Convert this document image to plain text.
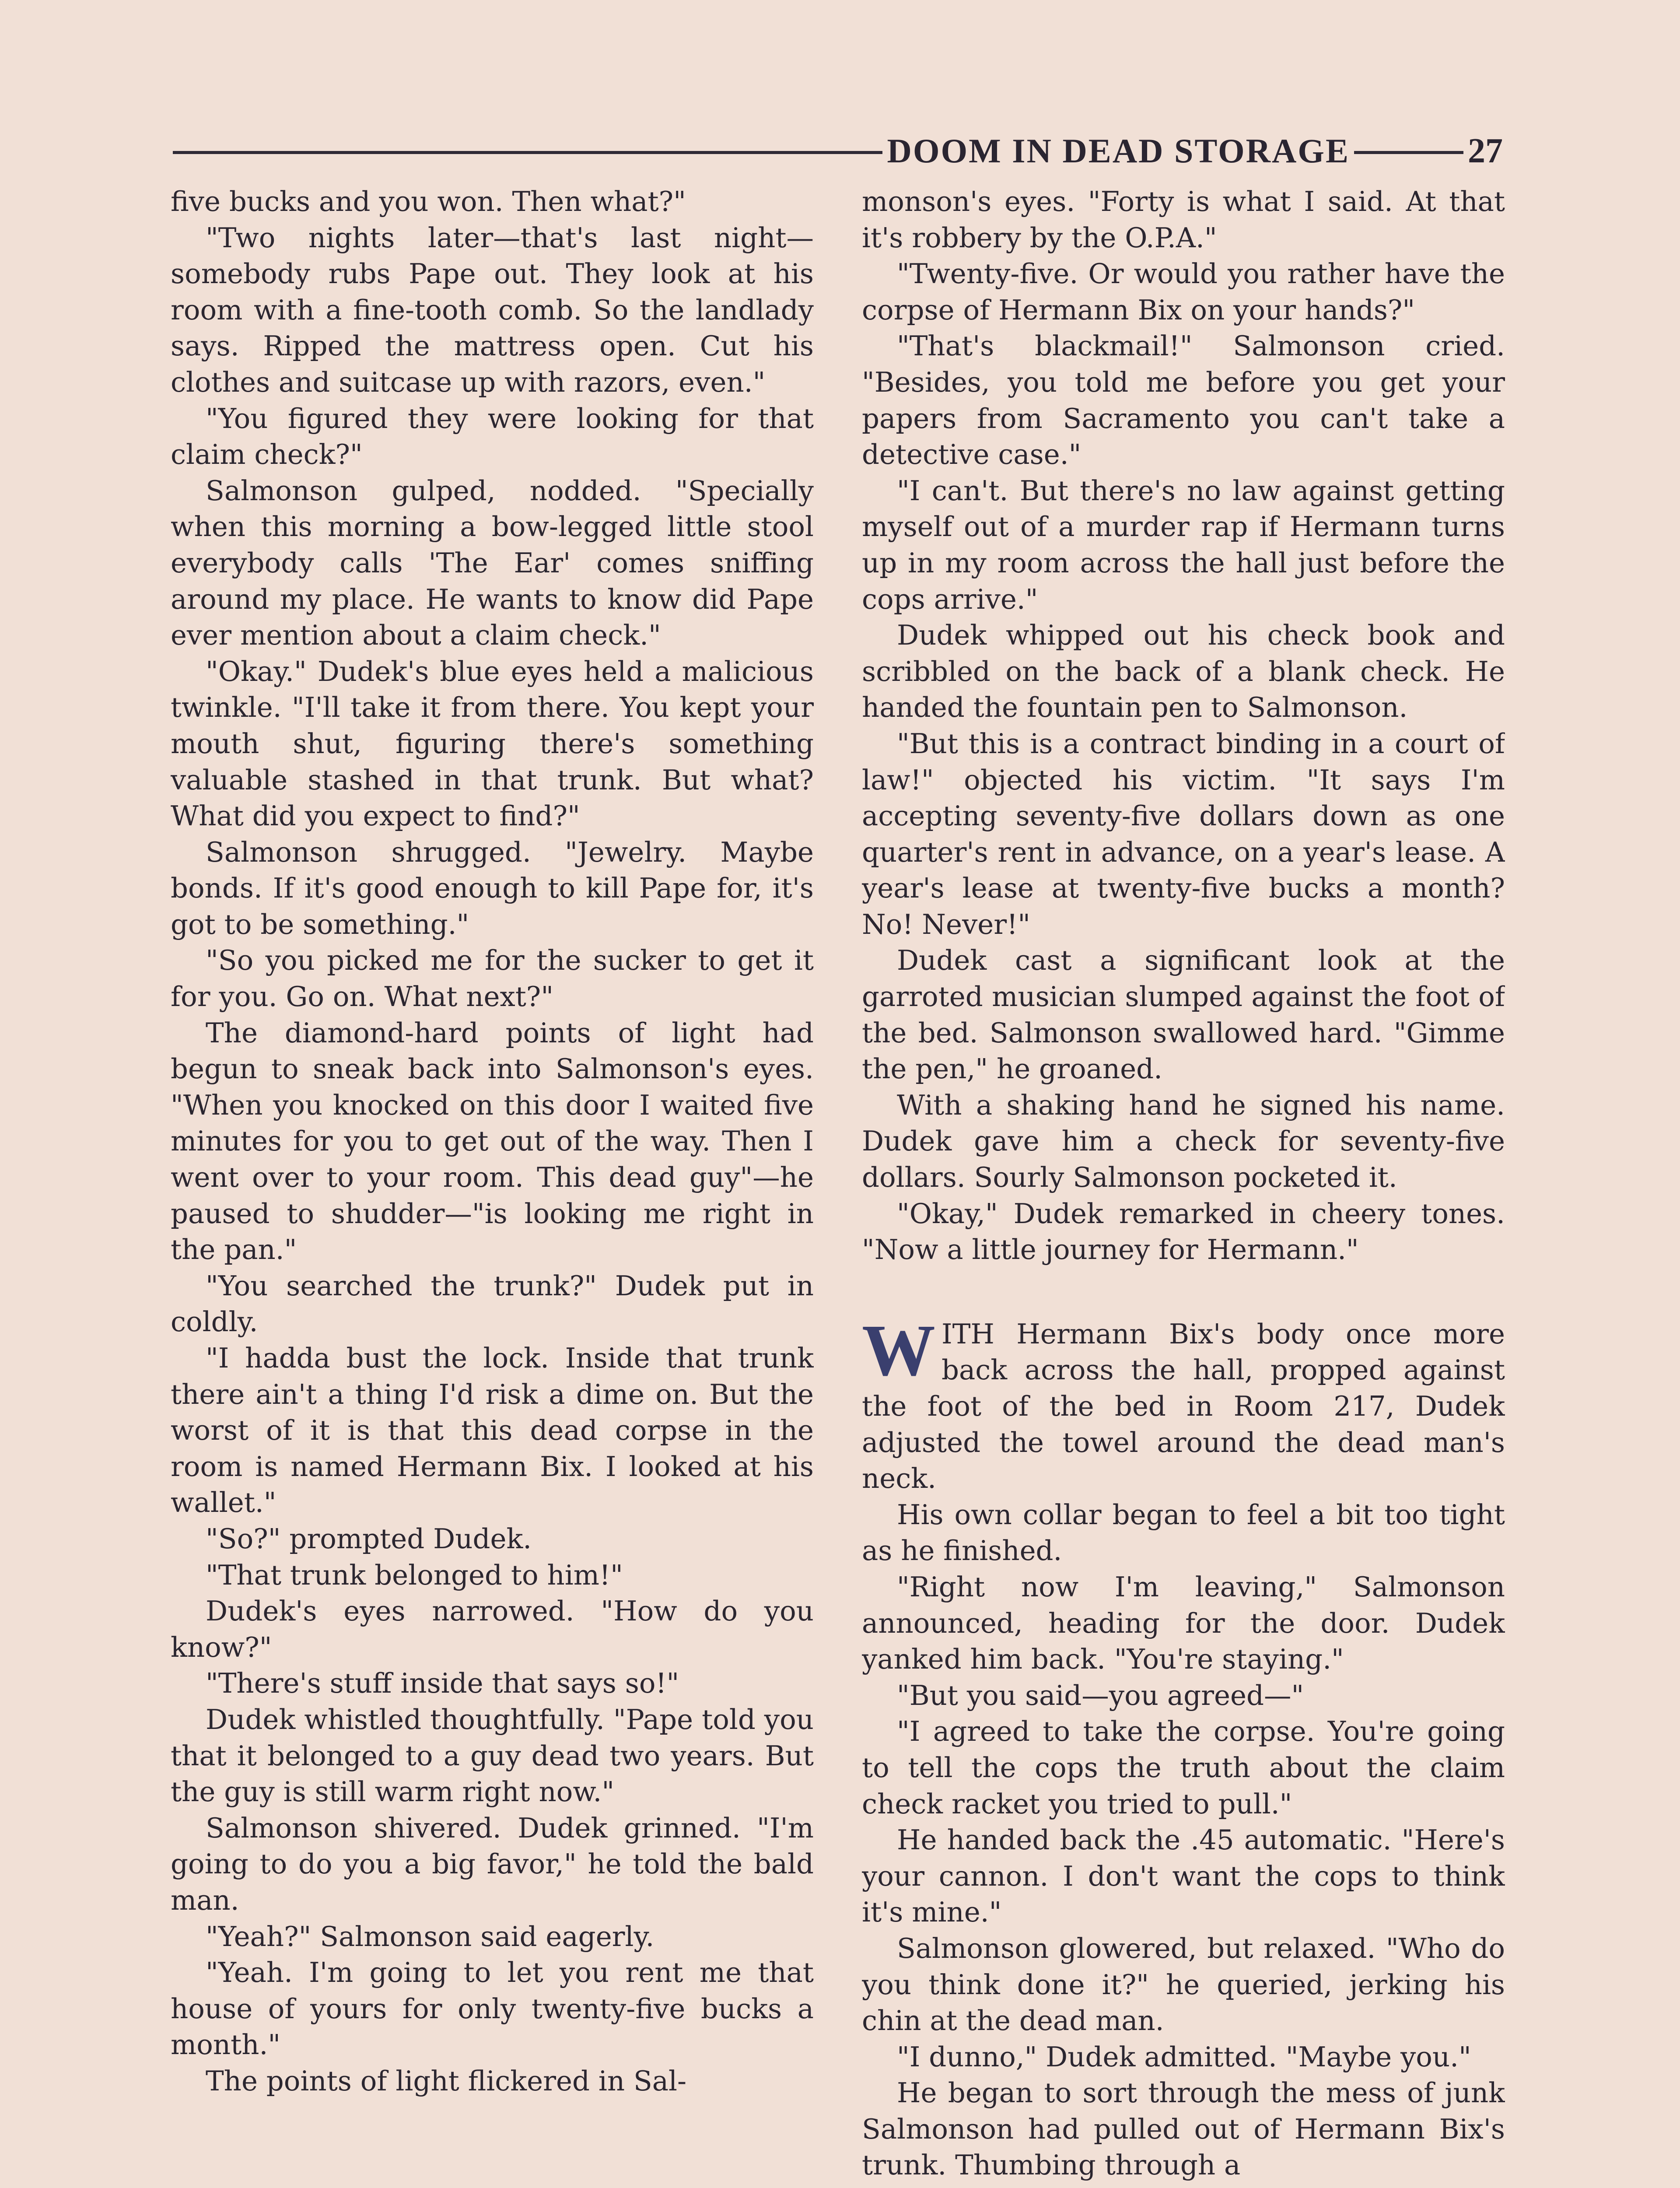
DOOM IN DEAD STORAGE	27

five bucks and you won. Then what?"

"Two nights later—that's last night—somebody rubs Pape out. They look at his room with a fine-tooth comb. So the landlady says. Ripped the mattress open. Cut his clothes and suitcase up with razors, even."

"You figured they were looking for that claim check?"

Salmonson gulped, nodded. "Specially when this morning a bow-legged little stool everybody calls 'The Ear' comes sniffing around my place. He wants to know did Pape ever mention about a claim check."

"Okay." Dudek's blue eyes held a malicious twinkle. "I'll take it from there. You kept your mouth shut, figuring there's something valuable stashed in that trunk. But what? What did you expect to find?"

Salmonson shrugged. "Jewelry. Maybe bonds. If it's good enough to kill Pape for, it's got to be something."

"So you picked me for the sucker to get it for you. Go on. What next?"

The diamond-hard points of light had begun to sneak back into Salmonson's eyes. "When you knocked on this door I waited five minutes for you to get out of the way. Then I went over to your room. This dead guy"—he paused to shudder—"is looking me right in the pan."

"You searched the trunk?" Dudek put in coldly.

"I hadda bust the lock. Inside that trunk there ain't a thing I'd risk a dime on. But the worst of it is that this dead corpse in the room is named Hermann Bix. I looked at his wallet."

"So?" prompted Dudek.

"That trunk belonged to him!"

Dudek's eyes narrowed. "How do you know?"

"There's stuff inside that says so!"

Dudek whistled thoughtfully. "Pape told you that it belonged to a guy dead two years. But the guy is still warm right now."

Salmonson shivered. Dudek grinned. "I'm going to do you a big favor," he told the bald man.

"Yeah?" Salmonson said eagerly.

"Yeah. I'm going to let you rent me that house of yours for only twenty-five bucks a month."

The points of light flickered in Sal-

monson's eyes. "Forty is what I said. At that it's robbery by the O.P.A."

"Twenty-five. Or would you rather have the corpse of Hermann Bix on your hands?"

"That's blackmail!" Salmonson cried. "Besides, you told me before you get your papers from Sacramento you can't take a detective case."

"I can't. But there's no law against getting myself out of a murder rap if Hermann turns up in my room across the hall just before the cops arrive."

Dudek whipped out his check book and scribbled on the back of a blank check. He handed the fountain pen to Salmonson.

"But this is a contract binding in a court of law!" objected his victim. "It says I'm accepting seventy-five dollars down as one quarter's rent in advance, on a year's lease. A year's lease at twenty-five bucks a month? No! Never!"

Dudek cast a significant look at the garroted musician slumped against the foot of the bed. Salmonson swallowed hard. "Gimme the pen," he groaned.

With a shaking hand he signed his name. Dudek gave him a check for seventy-five dollars. Sourly Salmonson pocketed it.

"Okay," Dudek remarked in cheery tones. "Now a little journey for Hermann."

WITH Hermann Bix's body once more back across the hall, propped against the foot of the bed in Room 217, Dudek adjusted the towel around the dead man's neck.

His own collar began to feel a bit too tight as he finished.

"Right now I'm leaving," Salmonson announced, heading for the door. Dudek yanked him back. "You're staying."

"But you said—you agreed—"

"I agreed to take the corpse. You're going to tell the cops the truth about the claim check racket you tried to pull."

He handed back the .45 automatic. "Here's your cannon. I don't want the cops to think it's mine."

Salmonson glowered, but relaxed. "Who do you think done it?" he queried, jerking his chin at the dead man.

"I dunno," Dudek admitted. "Maybe you."

He began to sort through the mess of junk Salmonson had pulled out of Hermann Bix's trunk. Thumbing through a
